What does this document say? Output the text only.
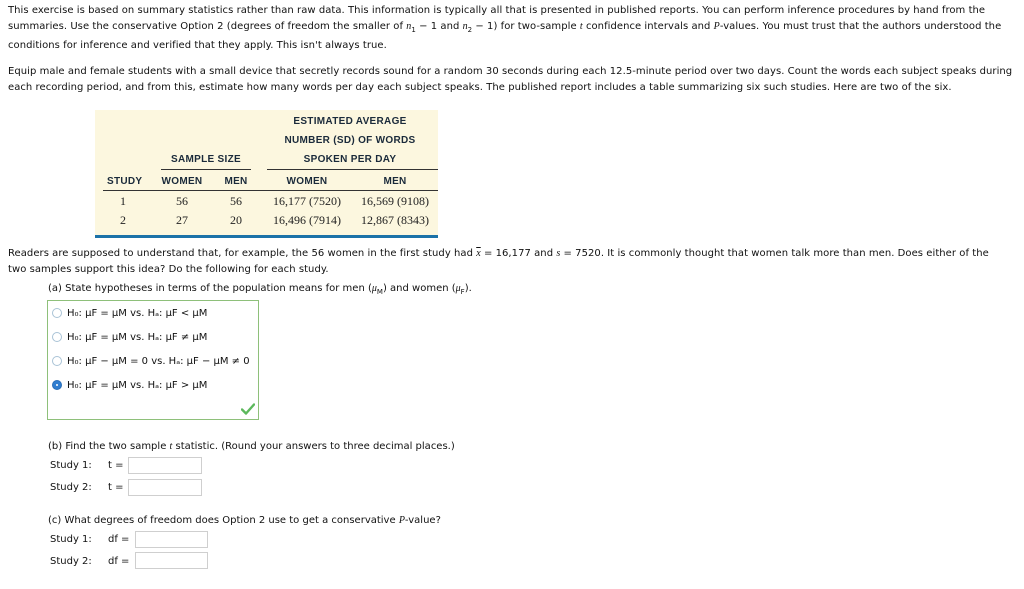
This exercise is based on summary statistics rather than raw data. This information is typically all that is presented in published reports. You can perform inference procedures by hand from the
summaries. Use the conservative Option 2 (degrees of freedom the smaller of $n_1 - 1$ and $n_2 - 1$) for two-sample t confidence intervals and P-values. You must trust that the authors understood the
conditions for inference and verified that they apply. This isn't always true.
Equip male and female students with a small device that secretly records sound for a random 30 seconds during each 12.5-minute period over two days. Count the words each subject speaks during
each recording period, and from this, estimate how many words per day each subject speaks. The published report includes a table summarizing six such studies. Here are two of the six.
ESTIMATED AVERAGE
NUMBER (SD) OF WORDS
SAMPLE SIZE	SPOKEN PER DAY
STUDY WOMEN	MEN	WOMEN	MEN
1	56	56	16,177 (7520)	16,569 (9108)
2	27	20	16,496 (7914)	12,867 (8343)
Readers are supposed to understand that, for example, the 56 women in the first study had $\overline{x} = 16,177$ and s = 7520. It is commonly thought that women talk more than men. Does either of the
two samples support this idea? Do the following for each study.
(a) State hypotheses in terms of the population means for men $(\mu_M)$ and women $(\mu_F)$.
H₀: μF = μM vs. Hₐ: μF < μM
H₀: μF = μM vs. Hₐ: μF ≠ μM
H₀: μF − μM = 0 vs. Hₐ: μF − μM ≠ 0
H₀: μF = μM vs. Hₐ: μF > μM
(b) Find the two sample t statistic. (Round your answers to three decimal places.)
Study 1: t =
Study 2: t =
(c) What degrees of freedom does Option 2 use to get a conservative P-value?
Study 1: df =
Study 2: df =
